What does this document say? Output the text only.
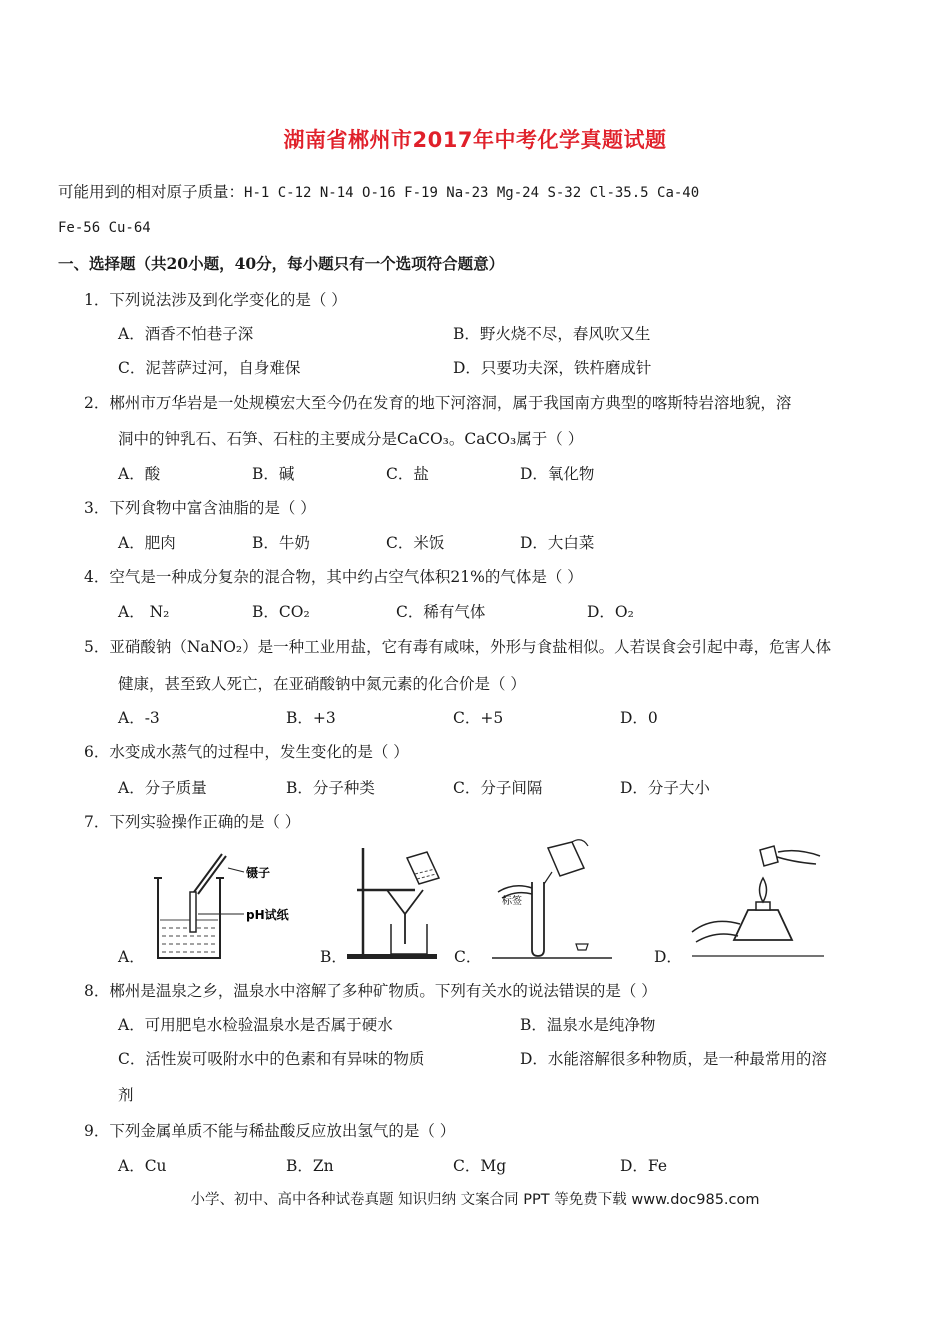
湖南省郴州市2017年中考化学真题试题
可能用到的相对原子质量：H-1 C-12 N-14 O-16 F-19 Na-23 Mg-24 S-32 Cl-35.5 Ca-40
Fe-56 Cu-64
一、选择题（共20小题，40分，每小题只有一个选项符合题意）
1．下列说法涉及到化学变化的是（ ）
A．酒香不怕巷子深	B．野火烧不尽，春风吹又生
C．泥菩萨过河，自身难保	D．只要功夫深，铁杵磨成针
2．郴州市万华岩是一处规模宏大至今仍在发育的地下河溶洞，属于我国南方典型的喀斯特岩溶地貌，溶
洞中的钟乳石、石笋、石柱的主要成分是CaCO₃。CaCO₃属于（ ）
A．酸	B．碱	C．盐	D．氧化物
3．下列食物中富含油脂的是（ ）
A．肥肉	B．牛奶	C．米饭	D．大白菜
4．空气是一种成分复杂的混合物，其中约占空气体积21%的气体是（ ）
A． N₂	B．CO₂	C．稀有气体	D．O₂
5．亚硝酸钠（NaNO₂）是一种工业用盐，它有毒有咸味，外形与食盐相似。人若误食会引起中毒，危害人体
健康，甚至致人死亡，在亚硝酸钠中氮元素的化合价是（ ）
A．-3	B．+3	C．+5	D．0
6．水变成水蒸气的过程中，发生变化的是（ ）
A．分子质量	B．分子种类	C．分子间隔	D．分子大小
7．下列实验操作正确的是（ ）
A．	B．	C．	D．
镊子
pH试纸
标签
8．郴州是温泉之乡，温泉水中溶解了多种矿物质。下列有关水的说法错误的是（ ）
A．可用肥皂水检验温泉水是否属于硬水	B．温泉水是纯净物
C．活性炭可吸附水中的色素和有异味的物质	D．水能溶解很多种物质，是一种最常用的溶
剂
9．下列金属单质不能与稀盐酸反应放出氢气的是（ ）
A．Cu	B．Zn	C．Mg	D．Fe
小学、初中、高中各种试卷真题 知识归纳 文案合同 PPT 等免费下载 www.doc985.com
